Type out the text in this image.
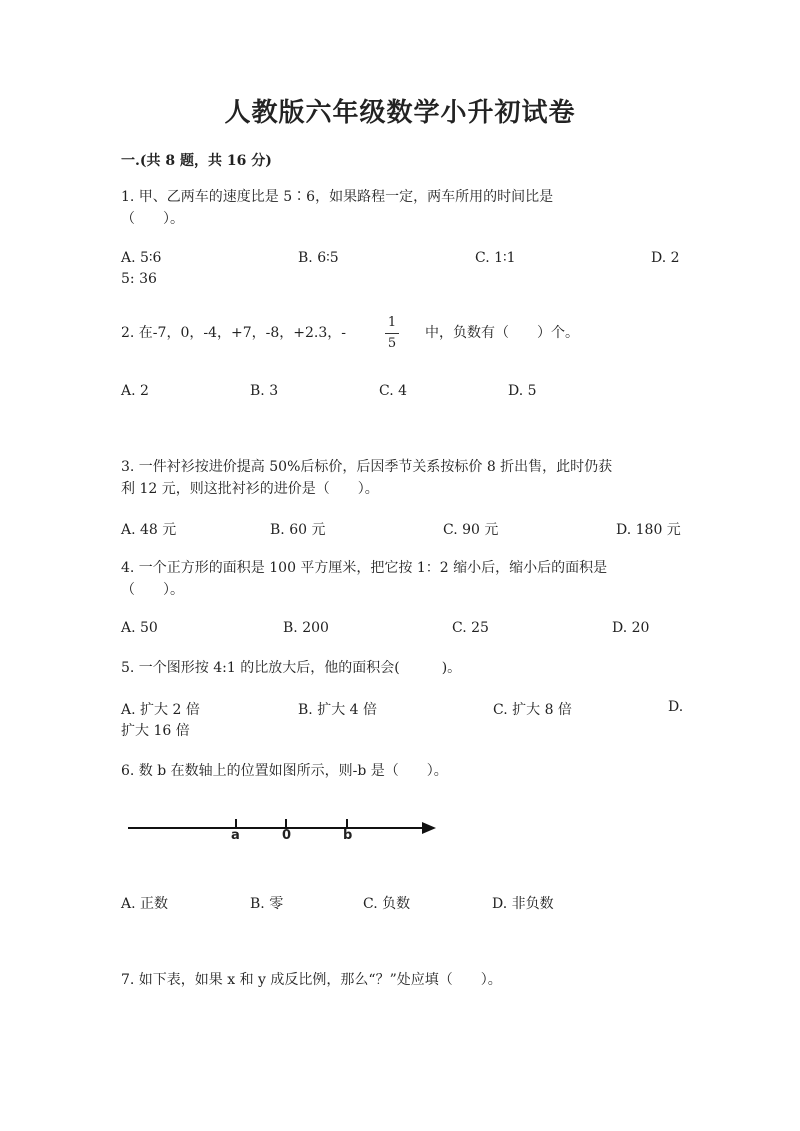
人教版六年级数学小升初试卷
一.(共 8 题，共 16 分)
1. 甲、乙两车的速度比是 5∶6，如果路程一定，两车所用的时间比是
（　　）。
A. 5∶6	B. 6∶5	C. 1∶1	D. 2
5: 36
2. 在-7，0，-4，+7，-8，+2.3，-
1
5
中，负数有（　　）个。
A. 2	B. 3	C. 4	D. 5
3. 一件衬衫按进价提高 50%后标价，后因季节关系按标价 8 折出售，此时仍获
利 12 元，则这批衬衫的进价是（　　）。
A. 48 元	B. 60 元	C. 90 元	D. 180 元
4. 一个正方形的面积是 100 平方厘米，把它按 1：2 缩小后，缩小后的面积是
（　　）。
A. 50	B. 200	C. 25	D. 20
5. 一个图形按 4:1 的比放大后，他的面积会(　　　)。
A. 扩大 2 倍	B. 扩大 4 倍	C. 扩大 8 倍	D.
扩大 16 倍
6. 数 b 在数轴上的位置如图所示，则-b 是（　　）。
a	0	b
A. 正数	B. 零	C. 负数	D. 非负数
7. 如下表，如果 x 和 y 成反比例，那么“？”处应填（　　）。
